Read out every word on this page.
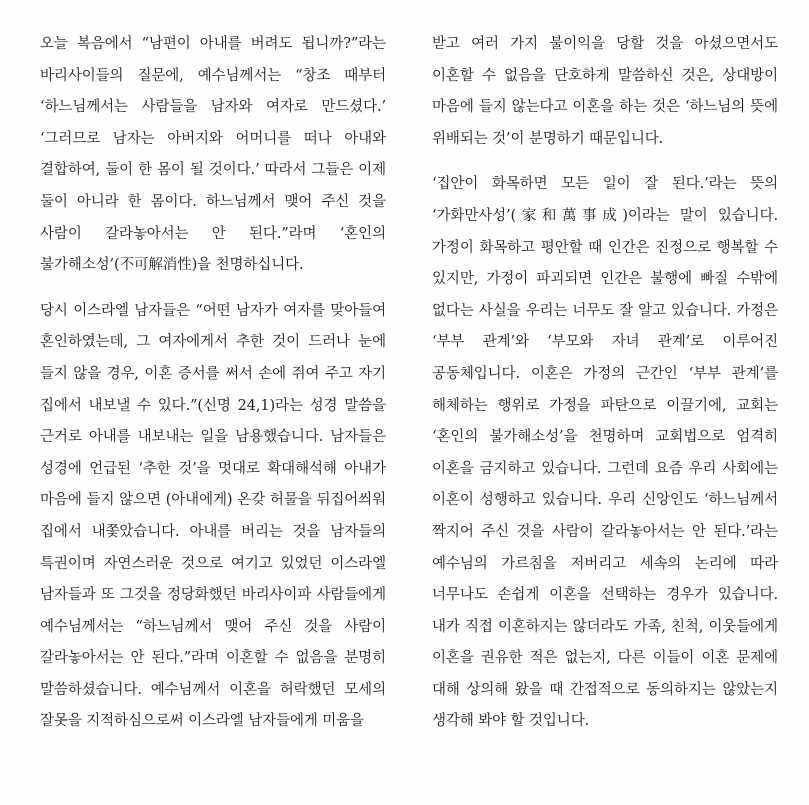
오늘 복음에서 “남편이 아내를 버려도 됩니까?”라는 바리사이들의 질문에, 예수님께서는 “창조 때부터 ‘하느님께서는 사람들을 남자와 여자로 만드셨다.’ ‘그러므로 남자는 아버지와 어머니를 떠나 아내와 결합하여, 둘이 한 몸이 될 것이다.’ 따라서 그들은 이제 둘이 아니라 한 몸이다. 하느님께서 맺어 주신 것을 사람이 갈라놓아서는 안 된다.”라며 ‘혼인의 불가해소성’(不可解消性)을 천명하십니다.

당시 이스라엘 남자들은 “어떤 남자가 여자를 맞아들여 혼인하였는데, 그 여자에게서 추한 것이 드러나 눈에 들지 않을 경우, 이혼 증서를 써서 손에 쥐여 주고 자기 집에서 내보낼 수 있다.”(신명 24,1)라는 성경 말씀을 근거로 아내를 내보내는 일을 남용했습니다. 남자들은 성경에 언급된 ‘추한 것’을 멋대로 확대해석해 아내가 마음에 들지 않으면 (아내에게) 온갖 허물을 뒤집어씌워 집에서 내쫓았습니다. 아내를 버리는 것을 남자들의 특권이며 자연스러운 것으로 여기고 있었던 이스라엘 남자들과 또 그것을 정당화했던 바리사이파 사람들에게 예수님께서는 “하느님께서 맺어 주신 것을 사람이 갈라놓아서는 안 된다.”라며 이혼할 수 없음을 분명히 말씀하셨습니다. 예수님께서 이혼을 허락했던 모세의 잘못을 지적하심으로써 이스라엘 남자들에게 미움을

받고 여러 가지 불이익을 당할 것을 아셨으면서도 이혼할 수 없음을 단호하게 말씀하신 것은, 상대방이 마음에 들지 않는다고 이혼을 하는 것은 ‘하느님의 뜻에 위배되는 것’이 분명하기 때문입니다.

‘집안이 화목하면 모든 일이 잘 된다.’라는 뜻의 ‘가화만사성’(家和萬事成)이라는 말이 있습니다. 가정이 화목하고 평안할 때 인간은 진정으로 행복할 수 있지만, 가정이 파괴되면 인간은 불행에 빠질 수밖에 없다는 사실을 우리는 너무도 잘 알고 있습니다. 가정은 ‘부부 관계’와 ‘부모와 자녀 관계’로 이루어진 공동체입니다. 이혼은 가정의 근간인 ‘부부 관계’를 해체하는 행위로 가정을 파탄으로 이끌기에, 교회는 ‘혼인의 불가해소성’을 천명하며 교회법으로 엄격히 이혼을 금지하고 있습니다. 그런데 요즘 우리 사회에는 이혼이 성행하고 있습니다. 우리 신앙인도 ‘하느님께서 짝지어 주신 것을 사람이 갈라놓아서는 안 된다.’라는 예수님의 가르침을 저버리고 세속의 논리에 따라 너무나도 손쉽게 이혼을 선택하는 경우가 있습니다. 내가 직접 이혼하지는 않더라도 가족, 친척, 이웃들에게 이혼을 권유한 적은 없는지, 다른 이들이 이혼 문제에 대해 상의해 왔을 때 간접적으로 동의하지는 않았는지 생각해 봐야 할 것입니다.
